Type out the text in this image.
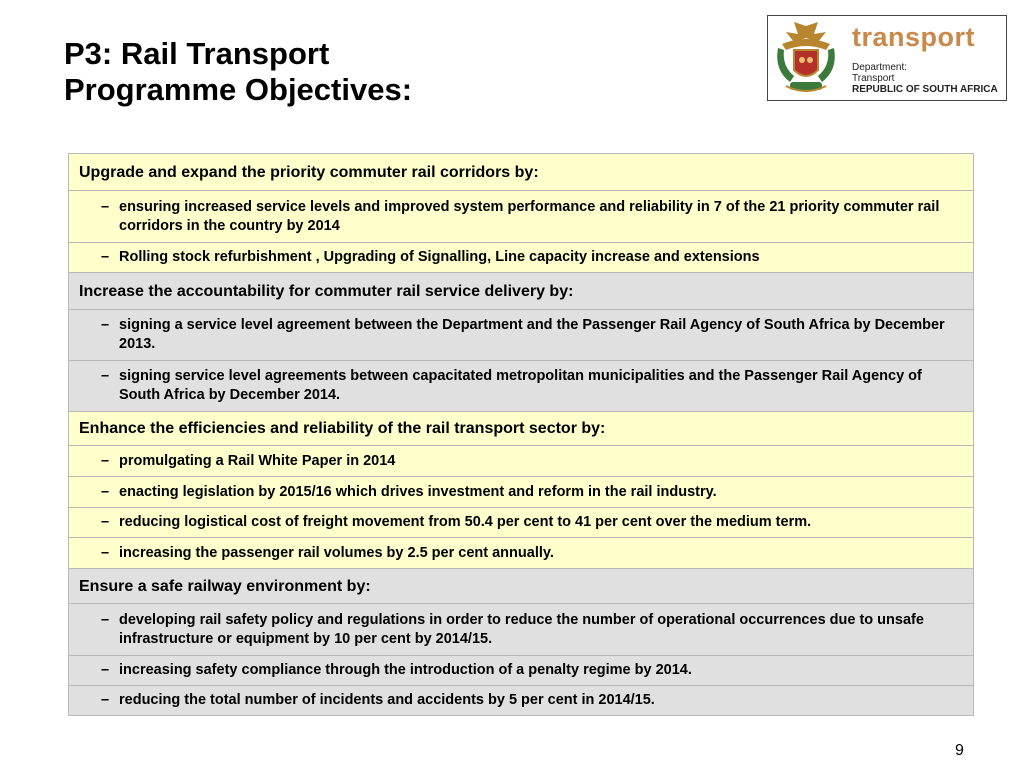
P3: Rail Transport
Programme Objectives:
transport
Department:
Transport
REPUBLIC OF SOUTH AFRICA
Upgrade and expand the priority commuter rail corridors by:

– ensuring increased service levels and improved system performance and reliability in 7 of the 21 priority commuter rail corridors in the country by 2014

– Rolling stock refurbishment , Upgrading of Signalling, Line capacity increase and extensions

Increase the accountability for commuter rail service delivery by:

– signing a service level agreement between the Department and the Passenger Rail Agency of South Africa by December 2013.

– signing service level agreements between capacitated metropolitan municipalities and the Passenger Rail Agency of South Africa by December 2014.

Enhance the efficiencies and reliability of the rail transport sector by:

– promulgating a Rail White Paper in 2014

– enacting legislation by 2015/16 which drives investment and reform in the rail industry.

– reducing logistical cost of freight movement from 50.4 per cent to 41 per cent over the medium term.

– increasing the passenger rail volumes by 2.5 per cent annually.

Ensure a safe railway environment by:

– developing rail safety policy and regulations in order to reduce the number of operational occurrences due to unsafe infrastructure or equipment by 10 per cent by 2014/15.

– increasing safety compliance through the introduction of a penalty regime by 2014.

– reducing the total number of incidents and accidents by 5 per cent in 2014/15.
9
